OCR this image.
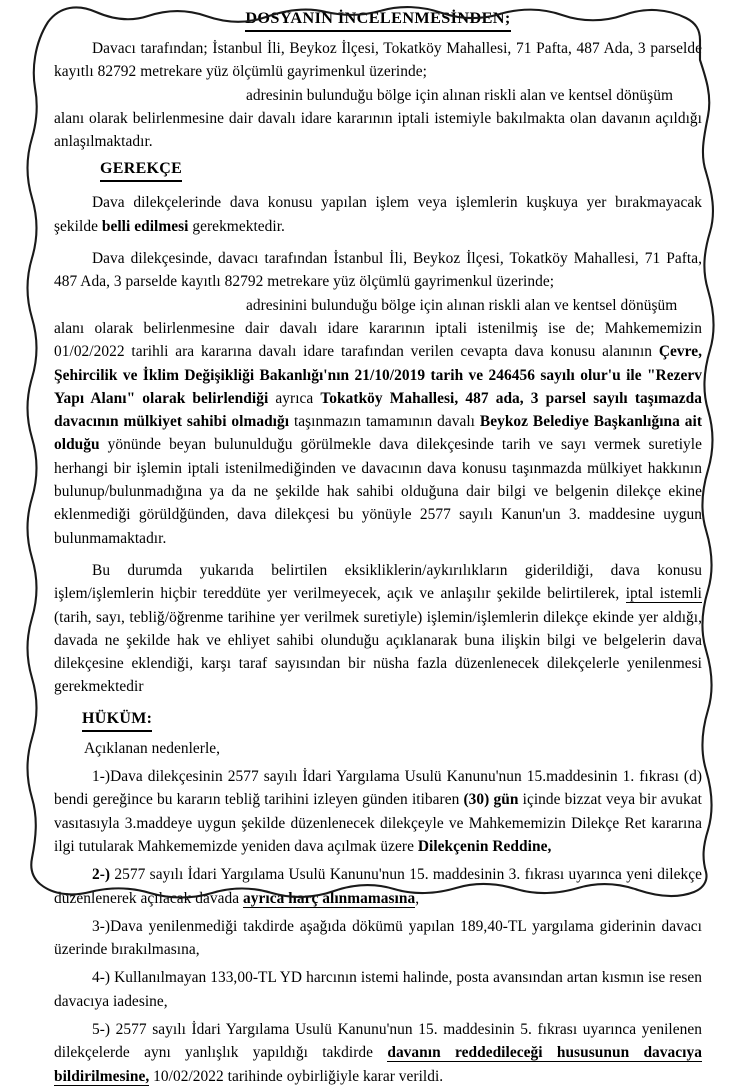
DOSYANIN İNCELENMESİNDEN;

Davacı tarafından; İstanbul İli, Beykoz İlçesi, Tokatköy Mahallesi, 71 Pafta, 487 Ada, 3 parselde kayıtlı 82792 metrekare yüz ölçümlü gayrimenkul üzerinde;

adresinin bulunduğu bölge için alınan riskli alan ve kentsel dönüşüm

alanı olarak belirlenmesine dair davalı idare kararının iptali istemiyle bakılmakta olan davanın açıldığı anlaşılmaktadır.

GEREKÇE

Dava dilekçelerinde dava konusu yapılan işlem veya işlemlerin kuşkuya yer bırakmayacak şekilde belli edilmesi gerekmektedir.

Dava dilekçesinde, davacı tarafından İstanbul İli, Beykoz İlçesi, Tokatköy Mahallesi, 71 Pafta, 487 Ada, 3 parselde kayıtlı 82792 metrekare yüz ölçümlü gayrimenkul üzerinde;

adresinini bulunduğu bölge için alınan riskli alan ve kentsel dönüşüm

alanı olarak belirlenmesine dair davalı idare kararının iptali istenilmiş ise de; Mahkememizin 01/02/2022 tarihli ara kararına davalı idare tarafından verilen cevapta dava konusu alanının Çevre, Şehircilik ve İklim Değişikliği Bakanlığı'nın 21/10/2019 tarih ve 246456 sayılı olur'u ile "Rezerv Yapı Alanı" olarak belirlendiği ayrıca Tokatköy Mahallesi, 487 ada, 3 parsel sayılı taşımazda davacının mülkiyet sahibi olmadığı taşınmazın tamamının davalı Beykoz Belediye Başkanlığına ait olduğu yönünde beyan bulunulduğu görülmekle dava dilekçesinde tarih ve sayı vermek suretiyle herhangi bir işlemin iptali istenilmediğinden ve davacının dava konusu taşınmazda mülkiyet hakkının bulunup/bulunmadığına ya da ne şekilde hak sahibi olduğuna dair bilgi ve belgenin dilekçe ekine eklenmediği görüldğünden, dava dilekçesi bu yönüyle 2577 sayılı Kanun'un 3. maddesine uygun bulunmamaktadır.

Bu durumda yukarıda belirtilen eksikliklerin/aykırılıkların giderildiği, dava konusu işlem/işlemlerin hiçbir tereddüte yer verilmeyecek, açık ve anlaşılır şekilde belirtilerek, iptal istemli (tarih, sayı, tebliğ/öğrenme tarihine yer verilmek suretiyle) işlemin/işlemlerin dilekçe ekinde yer aldığı, davada ne şekilde hak ve ehliyet sahibi olunduğu açıklanarak buna ilişkin bilgi ve belgelerin dava dilekçesine eklendiği, karşı taraf sayısından bir nüsha fazla düzenlenecek dilekçelerle yenilenmesi gerekmektedir

HÜKÜM:

Açıklanan nedenlerle,

1-)Dava dilekçesinin 2577 sayılı İdari Yargılama Usulü Kanunu'nun 15.maddesinin 1. fıkrası (d) bendi gereğince bu kararın tebliğ tarihini izleyen günden itibaren (30) gün içinde bizzat veya bir avukat vasıtasıyla 3.maddeye uygun şekilde düzenlenecek dilekçeyle ve Mahkememizin Dilekçe Ret kararına ilgi tutularak Mahkememizde yeniden dava açılmak üzere Dilekçenin Reddine,

2-) 2577 sayılı İdari Yargılama Usulü Kanunu'nun 15. maddesinin 3. fıkrası uyarınca yeni dilekçe düzenlenerek açılacak davada ayrıca harç alınmamasına,

3-)Dava yenilenmediği takdirde aşağıda dökümü yapılan 189,40-TL yargılama giderinin davacı üzerinde bırakılmasına,

4-) Kullanılmayan 133,00-TL YD harcının istemi halinde, posta avansından artan kısmın ise resen davacıya iadesine,

5-) 2577 sayılı İdari Yargılama Usulü Kanunu'nun 15. maddesinin 5. fıkrası uyarınca yenilenen dilekçelerde aynı yanlışlık yapıldığı takdirde davanın reddedileceği hususunun davacıya bildirilmesine, 10/02/2022 tarihinde oybirliğiyle karar verildi.
